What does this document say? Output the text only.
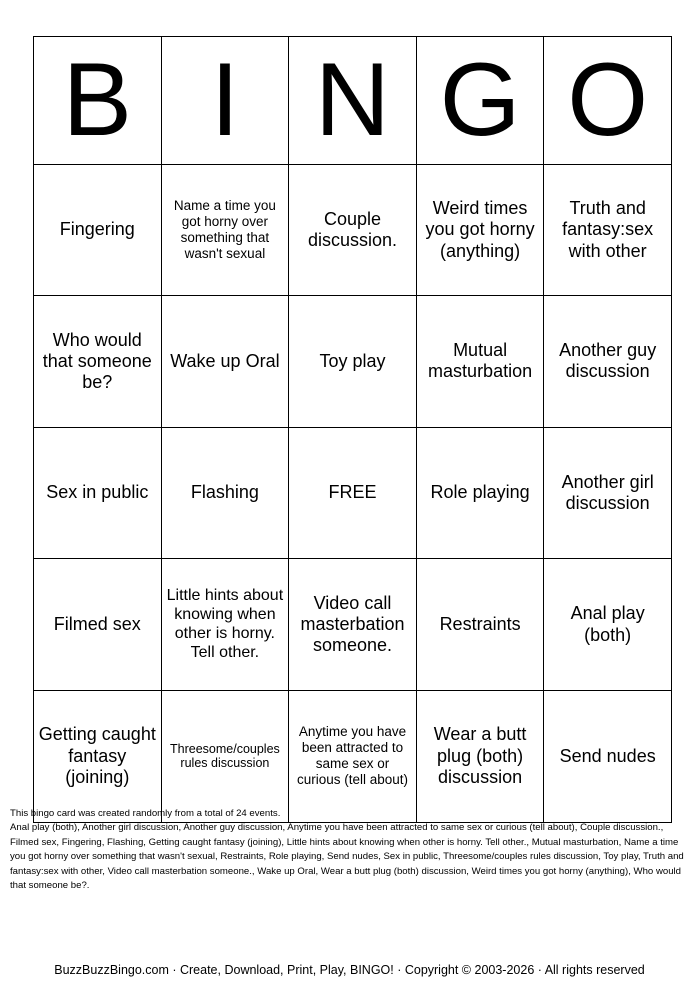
B	I	N	G	O
Fingering	Name a time you got horny over something that wasn't sexual	Couple discussion.	Weird times you got horny (anything)	Truth and fantasy:sex with other
Who would that someone be?	Wake up Oral	Toy play	Mutual masturbation	Another guy discussion
Sex in public	Flashing	FREE	Role playing	Another girl discussion
Filmed sex	Little hints about knowing when other is horny. Tell other.	Video call masterbation someone.	Restraints	Anal play (both)
Getting caught fantasy (joining)	Threesome/couples rules discussion	Anytime you have been attracted to same sex or curious (tell about)	Wear a butt plug (both) discussion	Send nudes

This bingo card was created randomly from a total of 24 events.

Anal play (both), Another girl discussion, Another guy discussion, Anytime you have been attracted to same sex or curious (tell about), Couple discussion., Filmed sex, Fingering, Flashing, Getting caught fantasy (joining), Little hints about knowing when other is horny. Tell other., Mutual masturbation, Name a time you got horny over something that wasn't sexual, Restraints, Role playing, Send nudes, Sex in public, Threesome/couples rules discussion, Toy play, Truth and fantasy:sex with other, Video call masterbation someone., Wake up Oral, Wear a butt plug (both) discussion, Weird times you got horny (anything), Who would that someone be?.

BuzzBuzzBingo.com · Create, Download, Print, Play, BINGO! · Copyright © 2003-2026 · All rights reserved
